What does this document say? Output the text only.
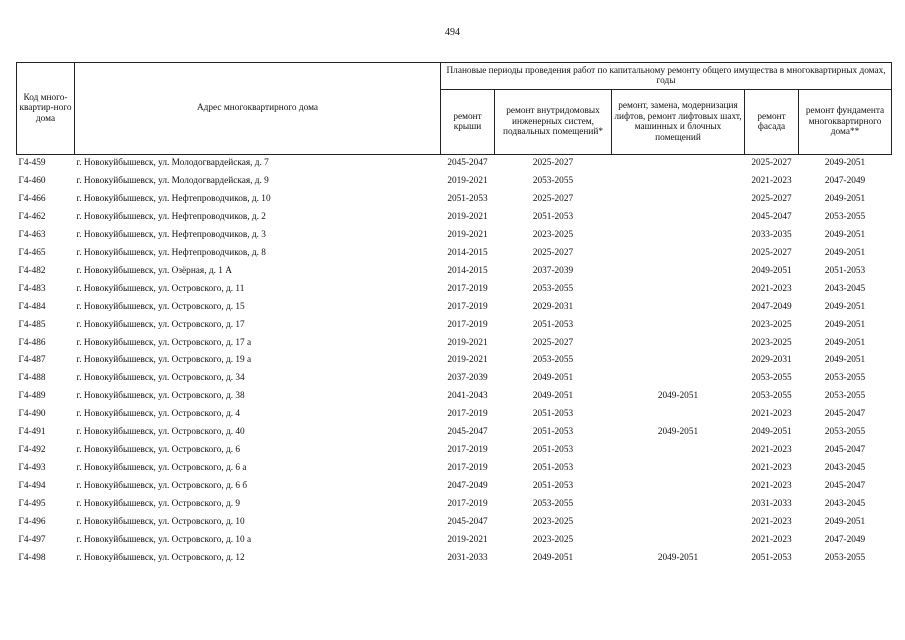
494
Код много-квартир-ного дома	Адрес многоквартирного дома	Плановые периоды проведения работ по капитальному ремонту общего имущества в многоквартирных домах, годы				
		ремонт крыши	ремонт внутридомовых инженерных систем, подвальных помещений*	ремонт, замена, модернизация лифтов, ремонт лифтовых шахт, машинных и блочных помещений	ремонт фасада	ремонт фундамента многоквартирного дома**
Г4-459	г. Новокуйбышевск, ул. Молодогвардейская, д. 7	2045-2047	2025-2027		2025-2027	2049-2051
Г4-460	г. Новокуйбышевск, ул. Молодогвардейская, д. 9	2019-2021	2053-2055		2021-2023	2047-2049
Г4-466	г. Новокуйбышевск, ул. Нефтепроводчиков, д. 10	2051-2053	2025-2027		2025-2027	2049-2051
Г4-462	г. Новокуйбышевск, ул. Нефтепроводчиков, д. 2	2019-2021	2051-2053		2045-2047	2053-2055
Г4-463	г. Новокуйбышевск, ул. Нефтепроводчиков, д. 3	2019-2021	2023-2025		2033-2035	2049-2051
Г4-465	г. Новокуйбышевск, ул. Нефтепроводчиков, д. 8	2014-2015	2025-2027		2025-2027	2049-2051
Г4-482	г. Новокуйбышевск, ул. Озёрная, д. 1 А	2014-2015	2037-2039		2049-2051	2051-2053
Г4-483	г. Новокуйбышевск, ул. Островского, д. 11	2017-2019	2053-2055		2021-2023	2043-2045
Г4-484	г. Новокуйбышевск, ул. Островского, д. 15	2017-2019	2029-2031		2047-2049	2049-2051
Г4-485	г. Новокуйбышевск, ул. Островского, д. 17	2017-2019	2051-2053		2023-2025	2049-2051
Г4-486	г. Новокуйбышевск, ул. Островского, д. 17 а	2019-2021	2025-2027		2023-2025	2049-2051
Г4-487	г. Новокуйбышевск, ул. Островского, д. 19 а	2019-2021	2053-2055		2029-2031	2049-2051
Г4-488	г. Новокуйбышевск, ул. Островского, д. 34	2037-2039	2049-2051		2053-2055	2053-2055
Г4-489	г. Новокуйбышевск, ул. Островского, д. 38	2041-2043	2049-2051	2049-2051	2053-2055	2053-2055
Г4-490	г. Новокуйбышевск, ул. Островского, д. 4	2017-2019	2051-2053		2021-2023	2045-2047
Г4-491	г. Новокуйбышевск, ул. Островского, д. 40	2045-2047	2051-2053	2049-2051	2049-2051	2053-2055
Г4-492	г. Новокуйбышевск, ул. Островского, д. 6	2017-2019	2051-2053		2021-2023	2045-2047
Г4-493	г. Новокуйбышевск, ул. Островского, д. 6 а	2017-2019	2051-2053		2021-2023	2043-2045
Г4-494	г. Новокуйбышевск, ул. Островского, д. 6 б	2047-2049	2051-2053		2021-2023	2045-2047
Г4-495	г. Новокуйбышевск, ул. Островского, д. 9	2017-2019	2053-2055		2031-2033	2043-2045
Г4-496	г. Новокуйбышевск, ул. Островского, д. 10	2045-2047	2023-2025		2021-2023	2049-2051
Г4-497	г. Новокуйбышевск, ул. Островского, д. 10 а	2019-2021	2023-2025		2021-2023	2047-2049
Г4-498	г. Новокуйбышевск, ул. Островского, д. 12	2031-2033	2049-2051	2049-2051	2051-2053	2053-2055
